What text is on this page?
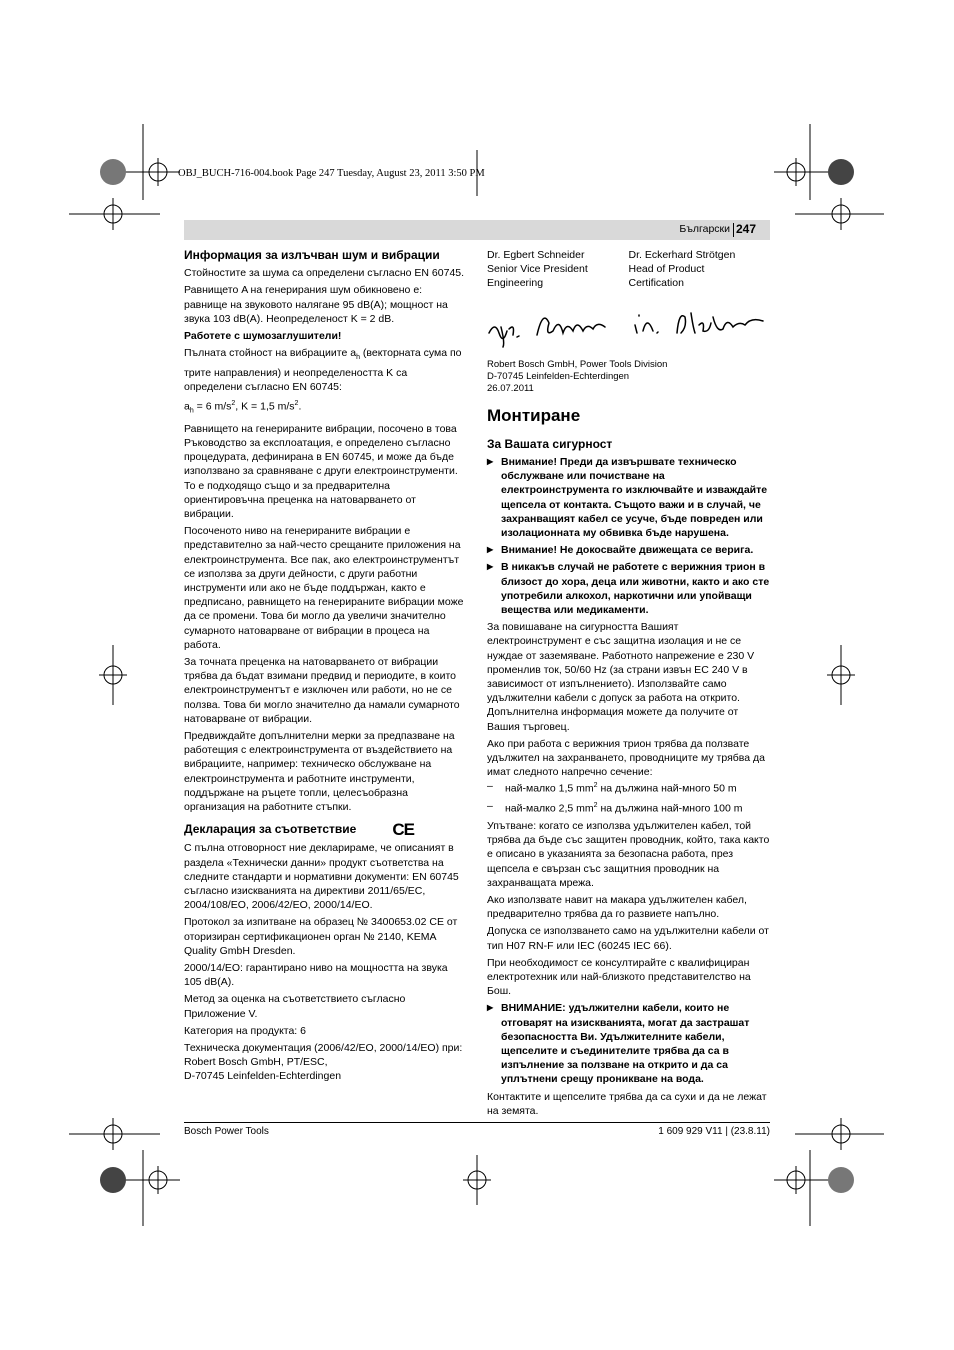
OBJ_BUCH-716-004.book Page 247 Tuesday, August 23, 2011 3:50 PM
Български 247
Информация за излъчван шум и вибрации

Стойностите за шума са определени съгласно EN 60745.

Равнището A на генерирания шум обикновено е: равнище на звуковото налягане 95 dB(A); мощност на звука 103 dB(A). Неопределеност K = 2 dB.

Работете с шумозаглушители!

Пълната стойност на вибрациите $a_h$ (векторната сума по трите направления) и неопределеността K са определени съгласно EN 60745:

$a_h = 6$ $m/s^2$, K = 1,5 $m/s^2$.

Равнището на генерираните вибрации, посочено в това Ръководство за експлоатация, е определено съгласно процедурата, дефинирана в EN 60745, и може да бъде използвано за сравняване с други електроинструменти. То е подходящо също и за предварителна ориентировъчна преценка на натоварването от вибрации.

Посоченото ниво на генерираните вибрации е представително за най-често срещаните приложения на електроинструмента. Все пак, ако електроинструментът се използва за други дейности, с други работни инструменти или ако не бъде поддържан, както е предписано, равнището на генерираните вибрации може да се промени. Това би могло да увеличи значително сумарното натоварване от вибрации в процеса на работа.

За точната преценка на натоварването от вибрации трябва да бъдат взимани предвид и периодите, в които електроинструментът е изключен или работи, но не се ползва. Това би могло значително да намали сумарното натоварване от вибрации.

Предвиждайте допълнителни мерки за предпазване на работещия с електроинструмента от въздействието на вибрациите, например: техническо обслужване на електроинструмента и работните инструменти, поддържане на ръцете топли, целесъобразна организация на работните стъпки.

Декларация за съответствие CE

С пълна отговорност ние декларираме, че описаният в раздела «Технически данни» продукт съответства на следните стандарти и нормативни документи: EN 60745 съгласно изискванията на директиви 2011/65/ЕС, 2004/108/ЕО, 2006/42/ЕО, 2000/14/ЕО.

Протокол за изпитване на образец № 3400653.02 CE от оторизиран сертификационен орган № 2140, KEMA Quality GmbH Dresden.

2000/14/ЕО: гарантирано ниво на мощността на звука 105 dB(A).

Метод за оценка на съответствието съгласно Приложение V.

Категория на продукта: 6

Техническа документация (2006/42/ЕО, 2000/14/ЕО) при:

Robert Bosch GmbH, PT/ESC,

D-70745 Leinfelden-Echterdingen

Dr. Egbert Schneider
Senior Vice President
Engineering
Dr. Eckerhard Strötgen
Head of Product
Certification
Robert Bosch GmbH, Power Tools Division
D-70745 Leinfelden-Echterdingen
26.07.2011
Монтиране
За Вашата сигурност

▶ Внимание! Преди да извършвате техническо обслужване или почистване на електроинструмента го изключвайте и изваждайте щепсела от контакта. Същото важи и в случай, че захранващият кабел се усуче, бъде повреден или изолационната му обвивка бъде нарушена.

▶ Внимание! Не докосвайте движещата се верига.

▶ В никакъв случай не работете с верижния трион в близост до хора, деца или животни, както и ако сте употребили алкохол, наркотични или упойващи вещества или медикаменти.

За повишаване на сигурността Вашият електроинструмент е със защитна изолация и не се нуждае от заземяване. Работното напрежение е 230 V променлив ток, 50/60 Hz (за страни извън ЕС 240 V в зависимост от изпълнението). Използвайте само удължителни кабели с допуск за работа на открито. Допълнителна информация можете да получите от Вашия търговец.

Ако при работа с верижния трион трябва да ползвате удължител на захранването, проводниците му трябва да имат следното напречно сечение:

– най-малко 1,5 $mm^2$ на дължина най-много 50 m

– най-малко 2,5 $mm^2$ на дължина най-много 100 m

Упътване: когато се използва удължителен кабел, той трябва да бъде със защитен проводник, който, така както е описано в указанията за безопасна работа, през щепсела е свързан със защитния проводник на захранващата мрежа.

Ако използвате навит на макара удължителен кабел, предварително трябва да го развиете напълно.

Допуска се използването само на удължителни кабели от тип H07 RN-F или IEC (60245 IEC 66).

При необходимост се консултирайте с квалифициран електротехник или най-близкото представителство на Бош.

▶ ВНИМАНИЕ: удължителни кабели, които не отговарят на изискванията, могат да застрашат безопасността Ви. Удължителните кабели, щепселите и съединителите трябва да са в изпълнение за ползване на открито и да са уплътнени срещу проникване на вода.

Контактите и щепселите трябва да са сухи и да не лежат на земята.

Bosch Power Tools	1 609 929 V11 | (23.8.11)
